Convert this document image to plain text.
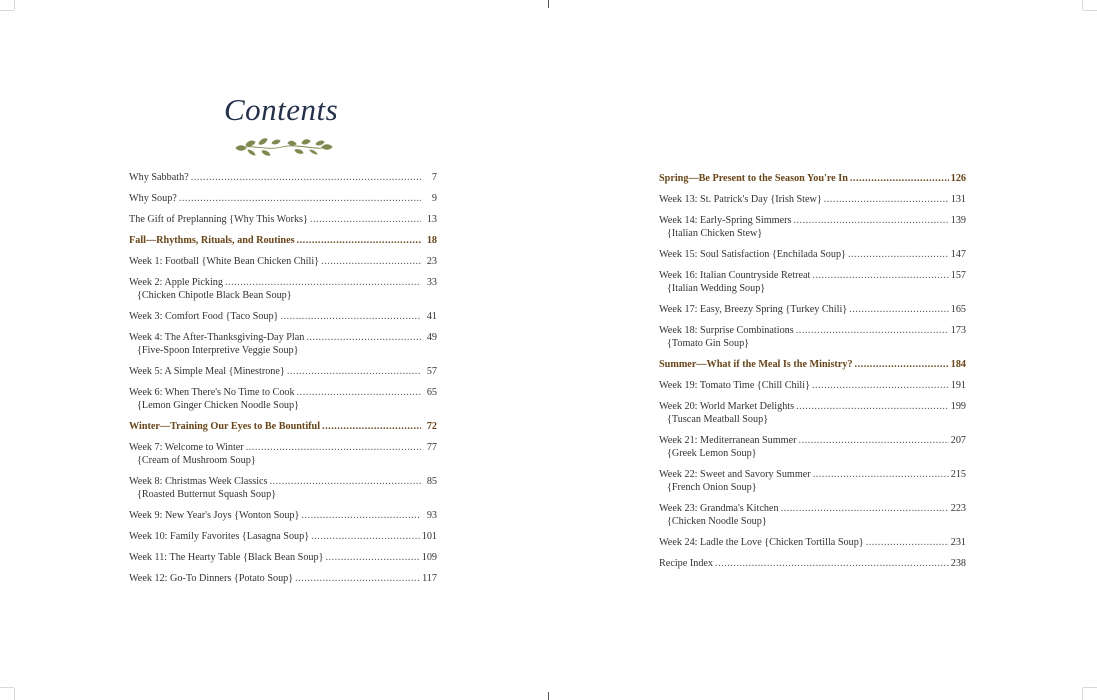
Contents
Why Sabbath? .....	7
Why Soup? .....	9
The Gift of Preplanning {Why This Works} .....	13
Fall—Rhythms, Rituals, and Routines .....	18
Week 1: Football {White Bean Chicken Chili} .....	23
Week 2: Apple Picking .....	33
{Chicken Chipotle Black Bean Soup}
Week 3: Comfort Food {Taco Soup} .....	41
Week 4: The After-Thanksgiving-Day Plan .....	49
{Five-Spoon Interpretive Veggie Soup}
Week 5: A Simple Meal {Minestrone} .....	57
Week 6: When There's No Time to Cook .....	65
{Lemon Ginger Chicken Noodle Soup}
Winter—Training Our Eyes to Be Bountiful .....	72
Week 7: Welcome to Winter .....	77
{Cream of Mushroom Soup}
Week 8: Christmas Week Classics .....	85
{Roasted Butternut Squash Soup}
Week 9: New Year's Joys {Wonton Soup} .....	93
Week 10: Family Favorites {Lasagna Soup} .....	101
Week 11: The Hearty Table {Black Bean Soup} .....	109
Week 12: Go-To Dinners {Potato Soup} .....	117
Spring—Be Present to the Season You're In .....	126
Week 13: St. Patrick's Day {Irish Stew} .....	131
Week 14: Early-Spring Simmers .....	139
{Italian Chicken Stew}
Week 15: Soul Satisfaction {Enchilada Soup} .....	147
Week 16: Italian Countryside Retreat .....	157
{Italian Wedding Soup}
Week 17: Easy, Breezy Spring {Turkey Chili} .....	165
Week 18: Surprise Combinations .....	173
{Tomato Gin Soup}
Summer—What if the Meal Is the Ministry? .....	184
Week 19: Tomato Time {Chill Chili} .....	191
Week 20: World Market Delights .....	199
{Tuscan Meatball Soup}
Week 21: Mediterranean Summer .....	207
{Greek Lemon Soup}
Week 22: Sweet and Savory Summer .....	215
{French Onion Soup}
Week 23: Grandma's Kitchen .....	223
{Chicken Noodle Soup}
Week 24: Ladle the Love {Chicken Tortilla Soup} .....	231
Recipe Index .....	238
